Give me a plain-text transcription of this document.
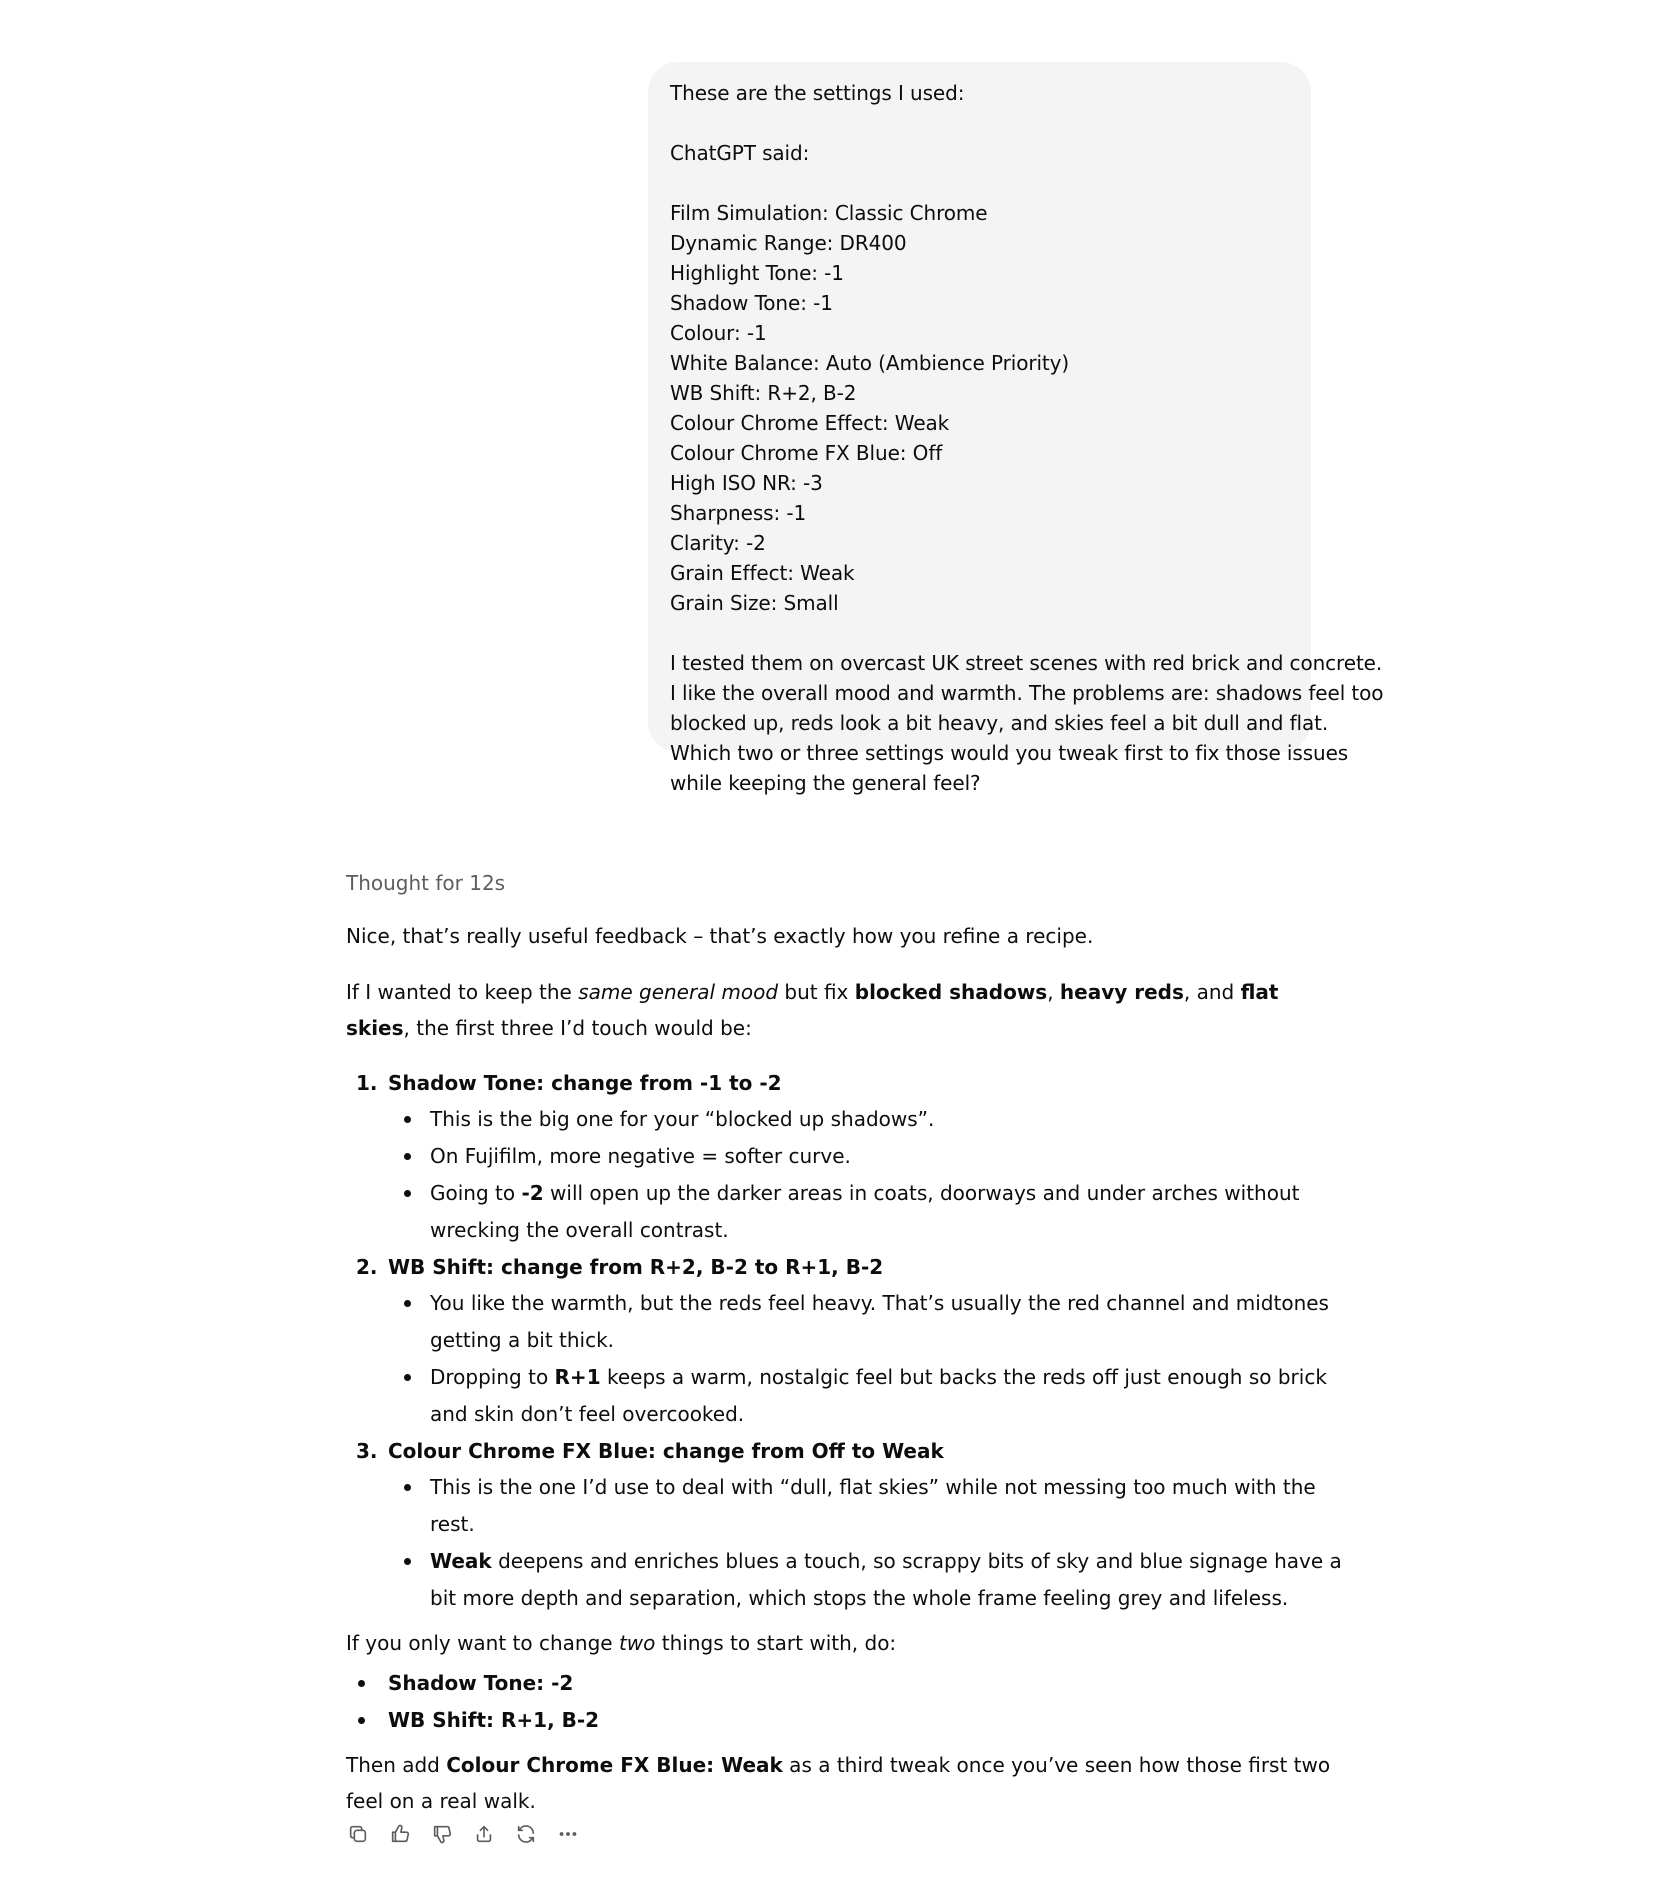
These are the settings I used:
ChatGPT said:
Film Simulation: Classic Chrome
Dynamic Range: DR400
Highlight Tone: -1
Shadow Tone: -1
Colour: -1
White Balance: Auto (Ambience Priority)
WB Shift: R+2, B-2
Colour Chrome Effect: Weak
Colour Chrome FX Blue: Off
High ISO NR: -3
Sharpness: -1
Clarity: -2
Grain Effect: Weak
Grain Size: Small
I tested them on overcast UK street scenes with red brick and concrete.
I like the overall mood and warmth. The problems are: shadows feel too
blocked up, reds look a bit heavy, and skies feel a bit dull and flat.
Which two or three settings would you tweak first to fix those issues
while keeping the general feel?
Thought for 12s

Nice, that’s really useful feedback – that’s exactly how you refine a recipe.

If I wanted to keep the same general mood but fix blocked shadows, heavy reds, and flat skies, the first three I’d touch would be:

1. Shadow Tone: change from -1 to -2
This is the big one for your “blocked up shadows”.
On Fujifilm, more negative = softer curve.
Going to -2 will open up the darker areas in coats, doorways and under arches without wrecking the overall contrast.
2. WB Shift: change from R+2, B-2 to R+1, B-2
You like the warmth, but the reds feel heavy. That’s usually the red channel and midtones getting a bit thick.
Dropping to R+1 keeps a warm, nostalgic feel but backs the reds off just enough so brick and skin don’t feel overcooked.
3. Colour Chrome FX Blue: change from Off to Weak
This is the one I’d use to deal with “dull, flat skies” while not messing too much with the rest.
Weak deepens and enriches blues a touch, so scrappy bits of sky and blue signage have a bit more depth and separation, which stops the whole frame feeling grey and lifeless.

If you only want to change two things to start with, do:

Shadow Tone: -2
WB Shift: R+1, B-2

Then add Colour Chrome FX Blue: Weak as a third tweak once you’ve seen how those first two feel on a real walk.
